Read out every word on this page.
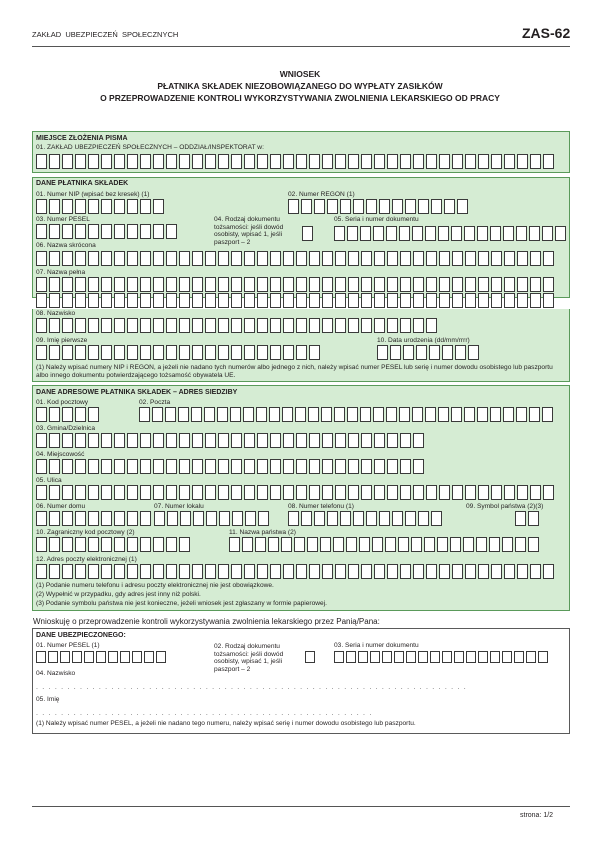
ZAKŁAD  UBEZPIECZEŃ  SPOŁECZNYCH	ZAS-62
WNIOSEK
PŁATNIKA SKŁADEK NIEZOBOWIĄZANEGO DO WYPŁATY ZASIŁKÓW
O PRZEPROWADZENIE KONTROLI WYKORZYSTYWANIA ZWOLNIENIA LEKARSKIEGO OD PRACY
MIEJSCE ZŁOŻENIA PISMA
01. ZAKŁAD UBEZPIECZEŃ SPOŁECZNYCH – ODDZIAŁ/INSPEKTORAT w:
DANE PŁATNIKA SKŁADEK
01. Numer NIP (wpisać bez kresek) (1)	02. Numer REGON (1)
03. Numer PESEL	04. Rodzaj dokumentu tożsamości: jeśli dowód osobisty, wpisać 1, jeśli paszport – 2
05. Seria i numer dokumentu
06. Nazwa skrócona
07. Nazwa pełna
08. Nazwisko
09. Imię pierwsze	10. Data urodzenia (dd/mm/rrrr)
(1) Należy wpisać numery NIP i REGON, a jeżeli nie nadano tych numerów albo jednego z nich, należy wpisać numer PESEL lub serię i numer dowodu osobistego lub paszportu albo innego dokumentu potwierdzającego tożsamość obywatela UE.
DANE ADRESOWE PŁATNIKA SKŁADEK – ADRES SIEDZIBY
01. Kod pocztowy	02. Poczta
03. Gmina/Dzielnica
04. Miejscowość
05. Ulica
06. Numer domu	07. Numer lokalu	08. Numer telefonu (1)	09. Symbol państwa (2)(3)
10. Zagraniczny kod pocztowy (2)	11. Nazwa państwa (2)
12. Adres poczty elektronicznej (1)
(1) Podanie numeru telefonu i adresu poczty elektronicznej nie jest obowiązkowe.
(2) Wypełnić w przypadku, gdy adres jest inny niż polski.
(3) Podanie symbolu państwa nie jest konieczne, jeżeli wniosek jest zgłaszany w formie papierowej.
Wnioskuję o przeprowadzenie kontroli wykorzystywania zwolnienia lekarskiego przez Panią/Pana:
DANE UBEZPIECZONEGO:
01. Numer PESEL (1)	02. Rodzaj dokumentu tożsamości: jeśli dowód osobisty, wpisać 1, jeśli paszport – 2
03. Seria i numer dokumentu
04. Nazwisko
. . . . . . . . . . . . . . . . . . . . . . . . . . . . . . . . . . . . . . . . . . . . . . . . . . . . . . . . . . . . . . . . . . . . .
05. Imię
. . . . . . . . . . . . . . . . . . . . . . . . . . . . . . . . . . . . . . . . . . . . . . . . . . . . . .
(1) Należy wpisać numer PESEL, a jeżeli nie nadano tego numeru, należy wpisać serię i numer dowodu osobistego lub paszportu.
strona: 1/2
